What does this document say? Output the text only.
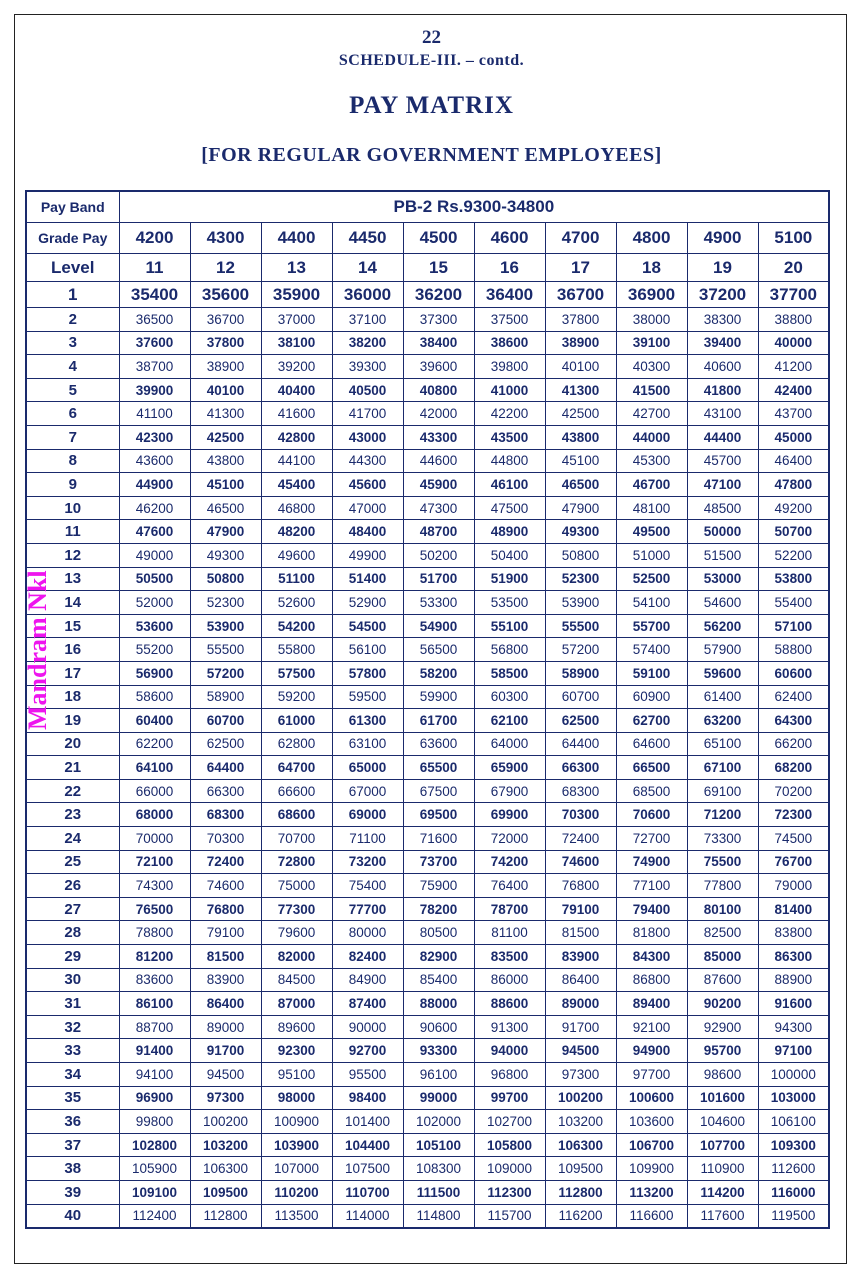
22
SCHEDULE-III. – contd.
PAY MATRIX
[FOR REGULAR GOVERNMENT EMPLOYEES]
Pay Band	PB-2 Rs.9300-34800									
Grade Pay	4200	4300	4400	4450	4500	4600	4700	4800	4900	5100
Level	11	12	13	14	15	16	17	18	19	20
1	35400	35600	35900	36000	36200	36400	36700	36900	37200	37700
2	36500	36700	37000	37100	37300	37500	37800	38000	38300	38800
3	37600	37800	38100	38200	38400	38600	38900	39100	39400	40000
4	38700	38900	39200	39300	39600	39800	40100	40300	40600	41200
5	39900	40100	40400	40500	40800	41000	41300	41500	41800	42400
6	41100	41300	41600	41700	42000	42200	42500	42700	43100	43700
7	42300	42500	42800	43000	43300	43500	43800	44000	44400	45000
8	43600	43800	44100	44300	44600	44800	45100	45300	45700	46400
9	44900	45100	45400	45600	45900	46100	46500	46700	47100	47800
10	46200	46500	46800	47000	47300	47500	47900	48100	48500	49200
11	47600	47900	48200	48400	48700	48900	49300	49500	50000	50700
12	49000	49300	49600	49900	50200	50400	50800	51000	51500	52200
13	50500	50800	51100	51400	51700	51900	52300	52500	53000	53800
14	52000	52300	52600	52900	53300	53500	53900	54100	54600	55400
15	53600	53900	54200	54500	54900	55100	55500	55700	56200	57100
16	55200	55500	55800	56100	56500	56800	57200	57400	57900	58800
17	56900	57200	57500	57800	58200	58500	58900	59100	59600	60600
18	58600	58900	59200	59500	59900	60300	60700	60900	61400	62400
19	60400	60700	61000	61300	61700	62100	62500	62700	63200	64300
20	62200	62500	62800	63100	63600	64000	64400	64600	65100	66200
21	64100	64400	64700	65000	65500	65900	66300	66500	67100	68200
22	66000	66300	66600	67000	67500	67900	68300	68500	69100	70200
23	68000	68300	68600	69000	69500	69900	70300	70600	71200	72300
24	70000	70300	70700	71100	71600	72000	72400	72700	73300	74500
25	72100	72400	72800	73200	73700	74200	74600	74900	75500	76700
26	74300	74600	75000	75400	75900	76400	76800	77100	77800	79000
27	76500	76800	77300	77700	78200	78700	79100	79400	80100	81400
28	78800	79100	79600	80000	80500	81100	81500	81800	82500	83800
29	81200	81500	82000	82400	82900	83500	83900	84300	85000	86300
30	83600	83900	84500	84900	85400	86000	86400	86800	87600	88900
31	86100	86400	87000	87400	88000	88600	89000	89400	90200	91600
32	88700	89000	89600	90000	90600	91300	91700	92100	92900	94300
33	91400	91700	92300	92700	93300	94000	94500	94900	95700	97100
34	94100	94500	95100	95500	96100	96800	97300	97700	98600	100000
35	96900	97300	98000	98400	99000	99700	100200	100600	101600	103000
36	99800	100200	100900	101400	102000	102700	103200	103600	104600	106100
37	102800	103200	103900	104400	105100	105800	106300	106700	107700	109300
38	105900	106300	107000	107500	108300	109000	109500	109900	110900	112600
39	109100	109500	110200	110700	111500	112300	112800	113200	114200	116000
40	112400	112800	113500	114000	114800	115700	116200	116600	117600	119500
Mandram Nkl
